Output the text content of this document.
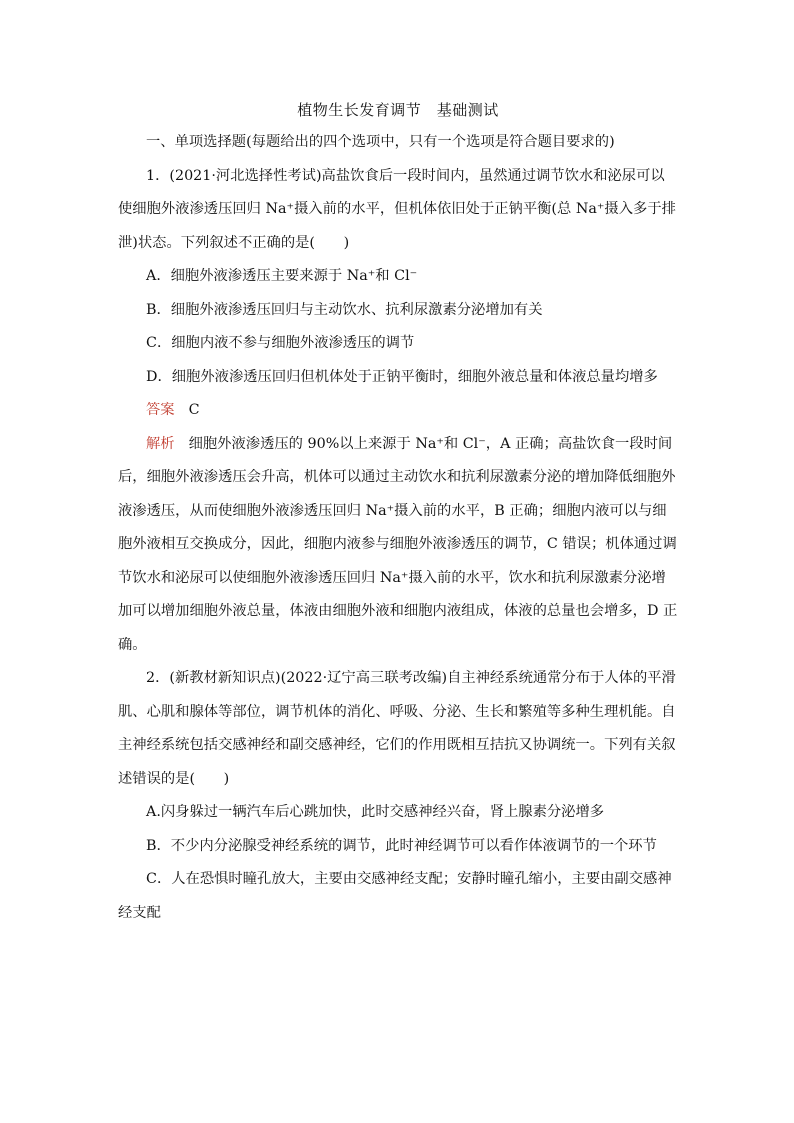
植物生长发育调节　基础测试
一、单项选择题(每题给出的四个选项中，只有一个选项是符合题目要求的)
1．(2021·河北选择性考试)高盐饮食后一段时间内，虽然通过调节饮水和泌尿可以使细胞外液渗透压回归 Na⁺摄入前的水平，但机体依旧处于正钠平衡(总 Na⁺摄入多于排泄)状态。下列叙述不正确的是(　　)
A．细胞外液渗透压主要来源于 Na⁺和 Cl⁻
B．细胞外液渗透压回归与主动饮水、抗利尿激素分泌增加有关
C．细胞内液不参与细胞外液渗透压的调节
D．细胞外液渗透压回归但机体处于正钠平衡时，细胞外液总量和体液总量均增多
答案 C
解析 细胞外液渗透压的 90%以上来源于 Na⁺和 Cl⁻，A 正确；高盐饮食一段时间后，细胞外液渗透压会升高，机体可以通过主动饮水和抗利尿激素分泌的增加降低细胞外液渗透压，从而使细胞外液渗透压回归 Na⁺摄入前的水平，B 正确；细胞内液可以与细胞外液相互交换成分，因此，细胞内液参与细胞外液渗透压的调节，C 错误；机体通过调节饮水和泌尿可以使细胞外液渗透压回归 Na⁺摄入前的水平，饮水和抗利尿激素分泌增加可以增加细胞外液总量，体液由细胞外液和细胞内液组成，体液的总量也会增多，D 正确。
2．(新教材新知识点)(2022·辽宁高三联考改编)自主神经系统通常分布于人体的平滑肌、心肌和腺体等部位，调节机体的消化、呼吸、分泌、生长和繁殖等多种生理机能。自主神经系统包括交感神经和副交感神经，它们的作用既相互拮抗又协调统一。下列有关叙述错误的是(　　)
A.闪身躲过一辆汽车后心跳加快，此时交感神经兴奋，肾上腺素分泌增多
B．不少内分泌腺受神经系统的调节，此时神经调节可以看作体液调节的一个环节
C．人在恐惧时瞳孔放大，主要由交感神经支配；安静时瞳孔缩小，主要由副交感神经支配
